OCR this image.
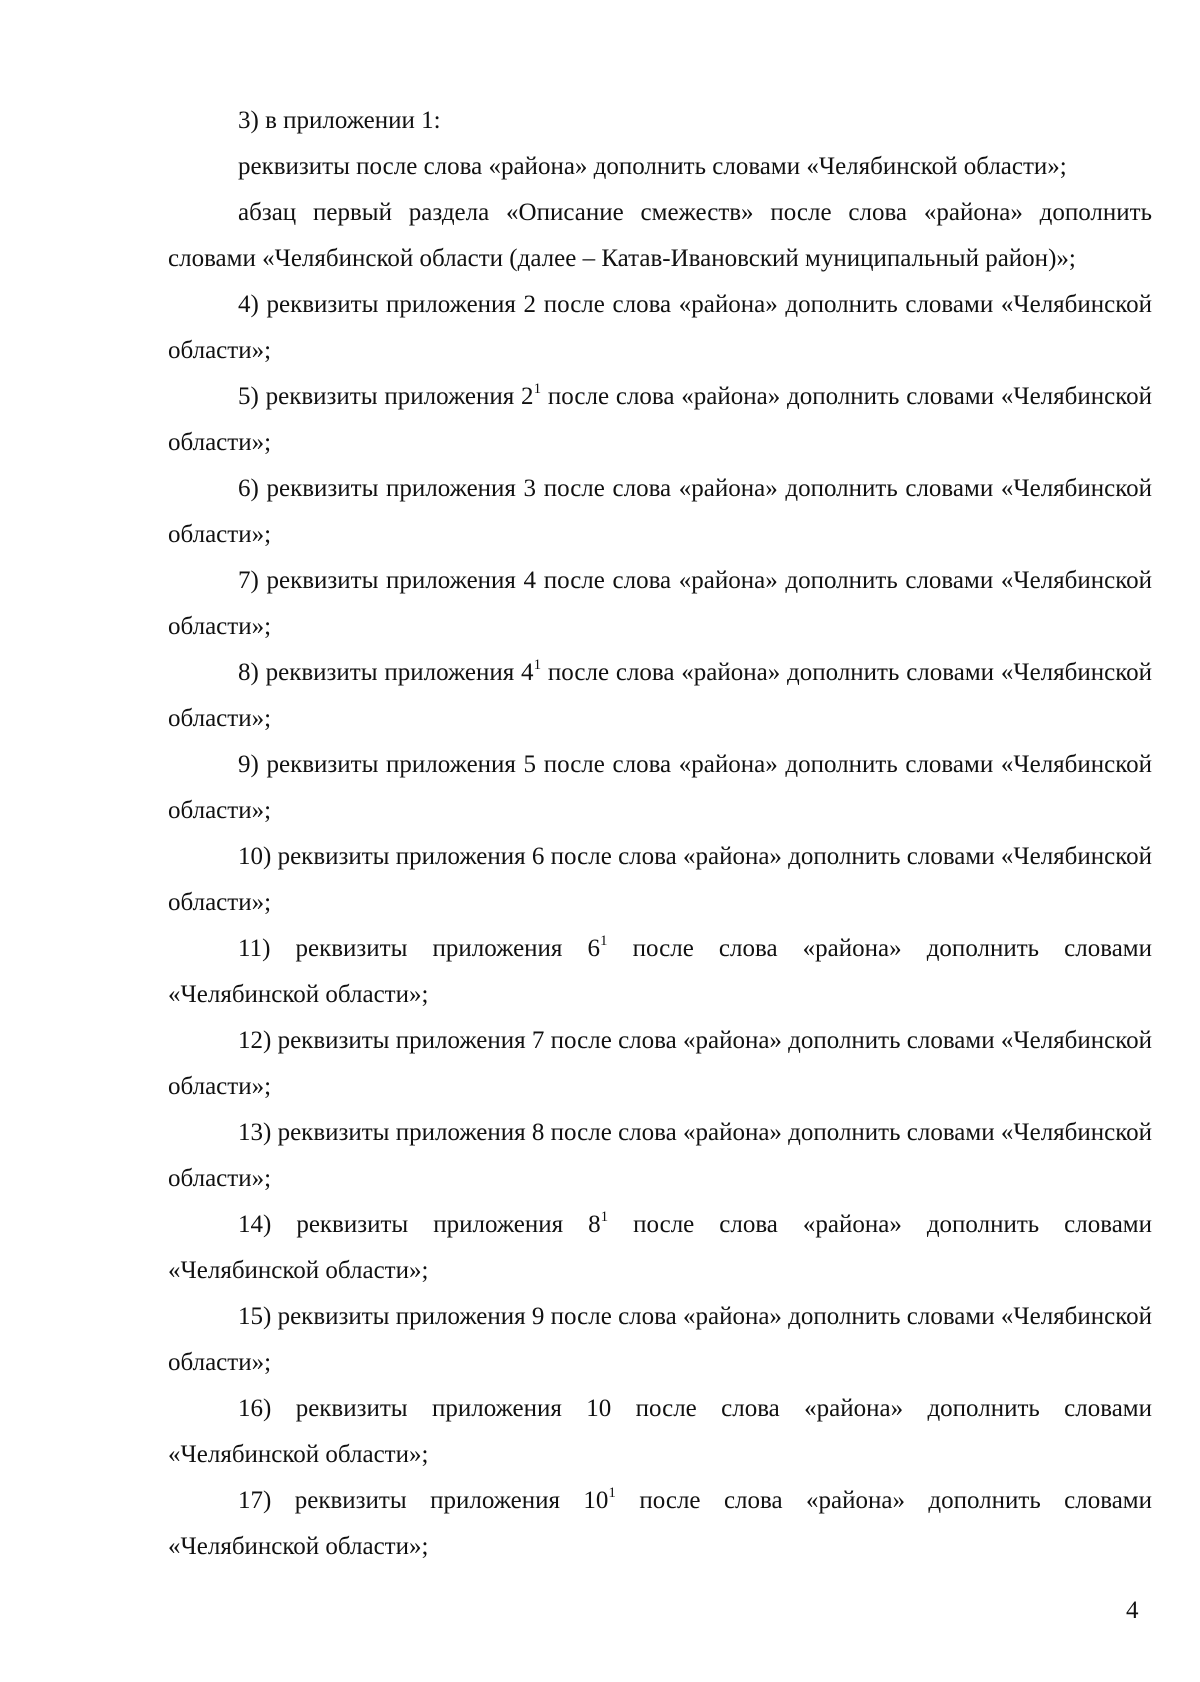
3) в приложении 1:

реквизиты после слова «района» дополнить словами «Челябинской области»;

абзац первый раздела «Описание смежеств» после слова «района» дополнить словами «Челябинской области (далее – Катав-Ивановский муниципальный район)»;

4) реквизиты приложения 2 после слова «района» дополнить словами «Челябинской области»;

5) реквизиты приложения $2^1$ после слова «района» дополнить словами «Челябинской области»;

6) реквизиты приложения 3 после слова «района» дополнить словами «Челябинской области»;

7) реквизиты приложения 4 после слова «района» дополнить словами «Челябинской области»;

8) реквизиты приложения $4^1$ после слова «района» дополнить словами «Челябинской области»;

9) реквизиты приложения 5 после слова «района» дополнить словами «Челябинской области»;

10) реквизиты приложения 6 после слова «района» дополнить словами «Челябинской области»;

11) реквизиты приложения $6^1$ после слова «района» дополнить словами «Челябинской области»;

12) реквизиты приложения 7 после слова «района» дополнить словами «Челябинской области»;

13) реквизиты приложения 8 после слова «района» дополнить словами «Челябинской области»;

14) реквизиты приложения $8^1$ после слова «района» дополнить словами «Челябинской области»;

15) реквизиты приложения 9 после слова «района» дополнить словами «Челябинской области»;

16) реквизиты приложения 10 после слова «района» дополнить словами «Челябинской области»;

17) реквизиты приложения $10^1$ после слова «района» дополнить словами «Челябинской области»;

4
